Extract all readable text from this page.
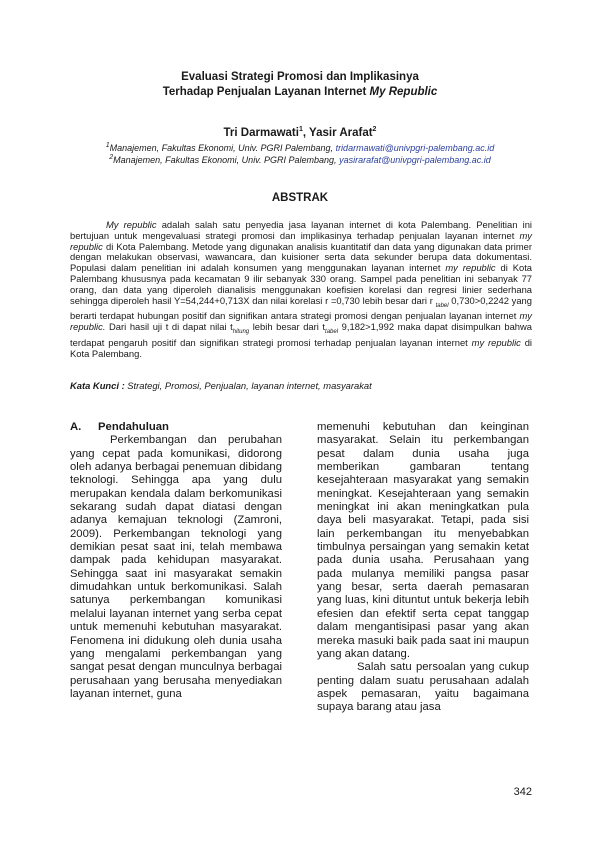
Evaluasi Strategi Promosi dan Implikasinya
Terhadap Penjualan Layanan Internet My Republic
Tri Darmawati$^1$, Yasir Arafat$^2$
$^1$Manajemen, Fakultas Ekonomi, Univ. PGRI Palembang, tridarmawati@univpgri-palembang.ac.id
$^2$Manajemen, Fakultas Ekonomi, Univ. PGRI Palembang, yasirarafat@univpgri-palembang.ac.id
ABSTRAK

My republic adalah salah satu penyedia jasa layanan internet di kota Palembang. Penelitian ini bertujuan untuk mengevaluasi strategi promosi dan implikasinya terhadap penjualan layanan internet my republic di Kota Palembang. Metode yang digunakan analisis kuantitatif dan data yang digunakan data primer dengan melakukan observasi, wawancara, dan kuisioner serta data sekunder berupa data dokumentasi. Populasi dalam penelitian ini adalah konsumen yang menggunakan layanan internet my republic di Kota Palembang khususnya pada kecamatan 9 ilir sebanyak 330 orang. Sampel pada penelitian ini sebanyak 77 orang, dan data yang diperoleh dianalisis menggunakan koefisien korelasi dan regresi linier sederhana sehingga diperoleh hasil Y=54,244+0,713X dan nilai korelasi r =0,730 lebih besar dari r $_{tabel}$ 0,730>0,2242 yang berarti terdapat hubungan positif dan signifikan antara strategi promosi dengan penjualan layanan internet my republic. Dari hasil uji t di dapat nilai $t_{hitung}$ lebih besar dari $t_{tabel}$ 9,182>1,992 maka dapat disimpulkan bahwa terdapat pengaruh positif dan signifikan strategi promosi terhadap penjualan layanan internet my republic di Kota Palembang.

Kata Kunci : Strategi, Promosi, Penjualan, layanan internet, masyarakat
A. Pendahuluan

Perkembangan dan perubahan yang cepat pada komunikasi, didorong oleh adanya berbagai penemuan dibidang teknologi. Sehingga apa yang dulu merupakan kendala dalam berkomunikasi sekarang sudah dapat diatasi dengan adanya kemajuan teknologi (Zamroni, 2009). Perkembangan teknologi yang demikian pesat saat ini, telah membawa dampak pada kehidupan masyarakat. Sehingga saat ini masyarakat semakin dimudahkan untuk berkomunikasi. Salah satunya perkembangan komunikasi melalui layanan internet yang serba cepat untuk memenuhi kebutuhan masyarakat. Fenomena ini didukung oleh dunia usaha yang mengalami perkembangan yang sangat pesat dengan munculnya berbagai perusahaan yang berusaha menyediakan layanan internet, guna

memenuhi kebutuhan dan keinginan masyarakat. Selain itu perkembangan pesat dalam dunia usaha juga memberikan gambaran tentang kesejahteraan masyarakat yang semakin meningkat. Kesejahteraan yang semakin meningkat ini akan meningkatkan pula daya beli masyarakat. Tetapi, pada sisi lain perkembangan itu menyebabkan timbulnya persaingan yang semakin ketat pada dunia usaha. Perusahaan yang pada mulanya memiliki pangsa pasar yang besar, serta daerah pemasaran yang luas, kini dituntut untuk bekerja lebih efesien dan efektif serta cepat tanggap dalam mengantisipasi pasar yang akan mereka masuki baik pada saat ini maupun yang akan datang.

Salah satu persoalan yang cukup penting dalam suatu perusahaan adalah aspek pemasaran, yaitu bagaimana supaya barang atau jasa

342
